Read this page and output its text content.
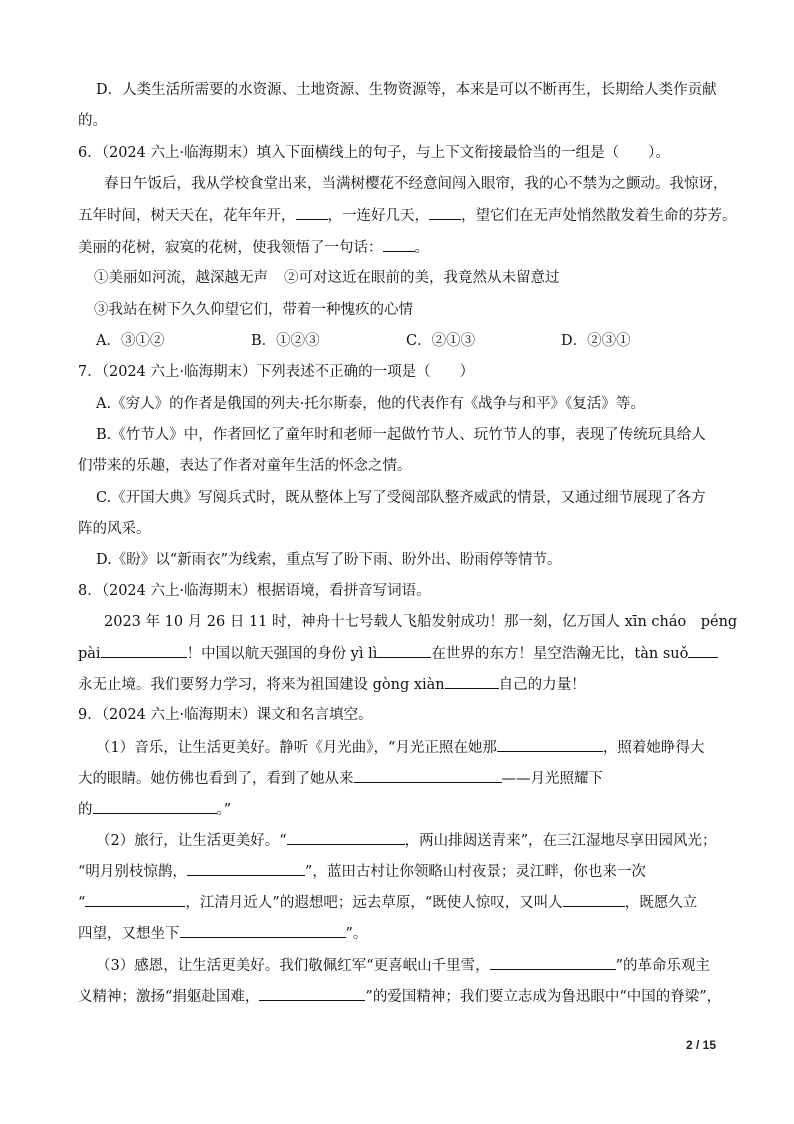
D．人类生活所需要的水资源、土地资源、生物资源等，本来是可以不断再生，长期给人类作贡献
的。
6．（2024 六上·临海期末）填入下面横线上的句子，与上下文衔接最恰当的一组是（　　）。
春日午饭后，我从学校食堂出来，当满树樱花不经意间闯入眼帘，我的心不禁为之颤动。我惊讶，
五年时间，树天天在，花年年开， ，一连好几天， ，望它们在无声处悄然散发着生命的芬芳。
美丽的花树，寂寞的花树，使我领悟了一句话： 。
①美丽如河流，越深越无声 ②可对这近在眼前的美，我竟然从未留意过
③我站在树下久久仰望它们，带着一种愧疚的心情
A．③①②	B．①②③	C．②①③	D．②③①
7．（2024 六上·临海期末）下列表述不正确的一项是（　　）
A.《穷人》的作者是俄国的列夫·托尔斯泰，他的代表作有《战争与和平》《复活》等。
B.《竹节人》中，作者回忆了童年时和老师一起做竹节人、玩竹节人的事，表现了传统玩具给人
们带来的乐趣，表达了作者对童年生活的怀念之情。
C.《开国大典》写阅兵式时，既从整体上写了受阅部队整齐威武的情景，又通过细节展现了各方
阵的风采。
D.《盼》以“新雨衣”为线索，重点写了盼下雨、盼外出、盼雨停等情节。
8．（2024 六上·临海期末）根据语境，看拼音写词语。
2023 年 10 月 26 日 11 时，神舟十七号载人飞船发射成功！那一刻，亿万国人 xīn cháo　péng
pài	！中国以航天强国的身份 yì lì	在世界的东方！星空浩瀚无比，tàn suǒ
永无止境。我们要努力学习，将来为祖国建设 gòng xiàn	自己的力量！
9．（2024 六上·临海期末）课文和名言填空。
（1）音乐，让生活更美好。静听《月光曲》，“月光正照在她那	，照着她睁得大
大的眼睛。她仿佛也看到了，看到了她从来	——月光照耀下
的	。”
（2）旅行，让生活更美好。“	，两山排闼送青来”，在三江湿地尽享田园风光；
“明月别枝惊鹊，	”，蓝田古村让你领略山村夜景；灵江畔，你也来一次
“	，江清月近人”的遐想吧；远去草原，“既使人惊叹，又叫人	，既愿久立
四望，又想坐下	”。
（3）感恩，让生活更美好。我们敬佩红军“更喜岷山千里雪，	”的革命乐观主
义精神；激扬“捐躯赴国难，	”的爱国精神；我们要立志成为鲁迅眼中“中国的脊梁”，
2 / 15
